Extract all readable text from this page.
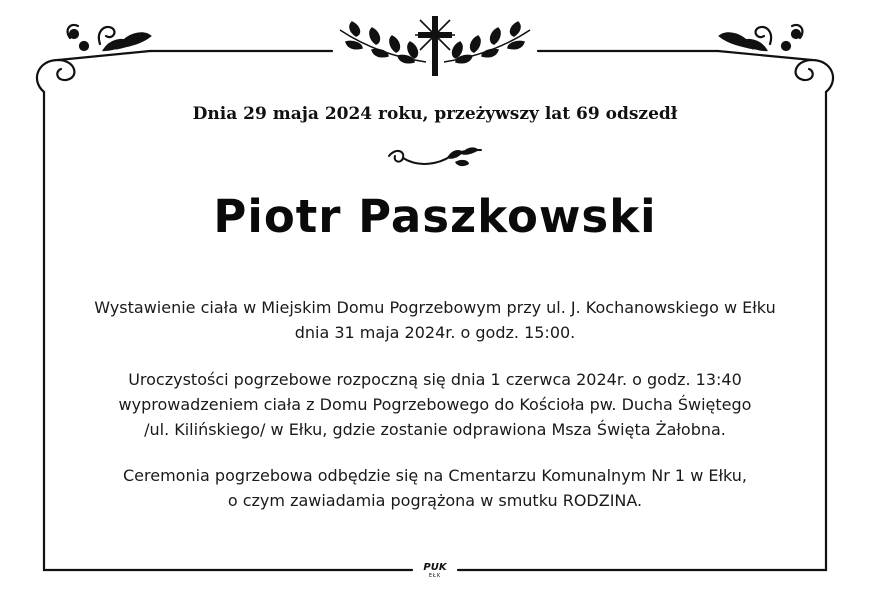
Dnia 29 maja 2024 roku, przeżywszy lat 69 odszedł
Piotr Paszkowski
Wystawienie ciała w Miejskim Domu Pogrzebowym przy ul. J. Kochanowskiego w Ełku
dnia 31 maja 2024r. o godz. 15:00.
Uroczystości pogrzebowe rozpoczną się dnia 1 czerwca 2024r. o godz. 13:40
wyprowadzeniem ciała z Domu Pogrzebowego do Kościoła pw. Ducha Świętego
/ul. Kilińskiego/ w Ełku, gdzie zostanie odprawiona Msza Święta Żałobna.
Ceremonia pogrzebowa odbędzie się na Cmentarzu Komunalnym Nr 1 w Ełku,
o czym zawiadamia pogrążona w smutku RODZINA.
PUK
EŁK
